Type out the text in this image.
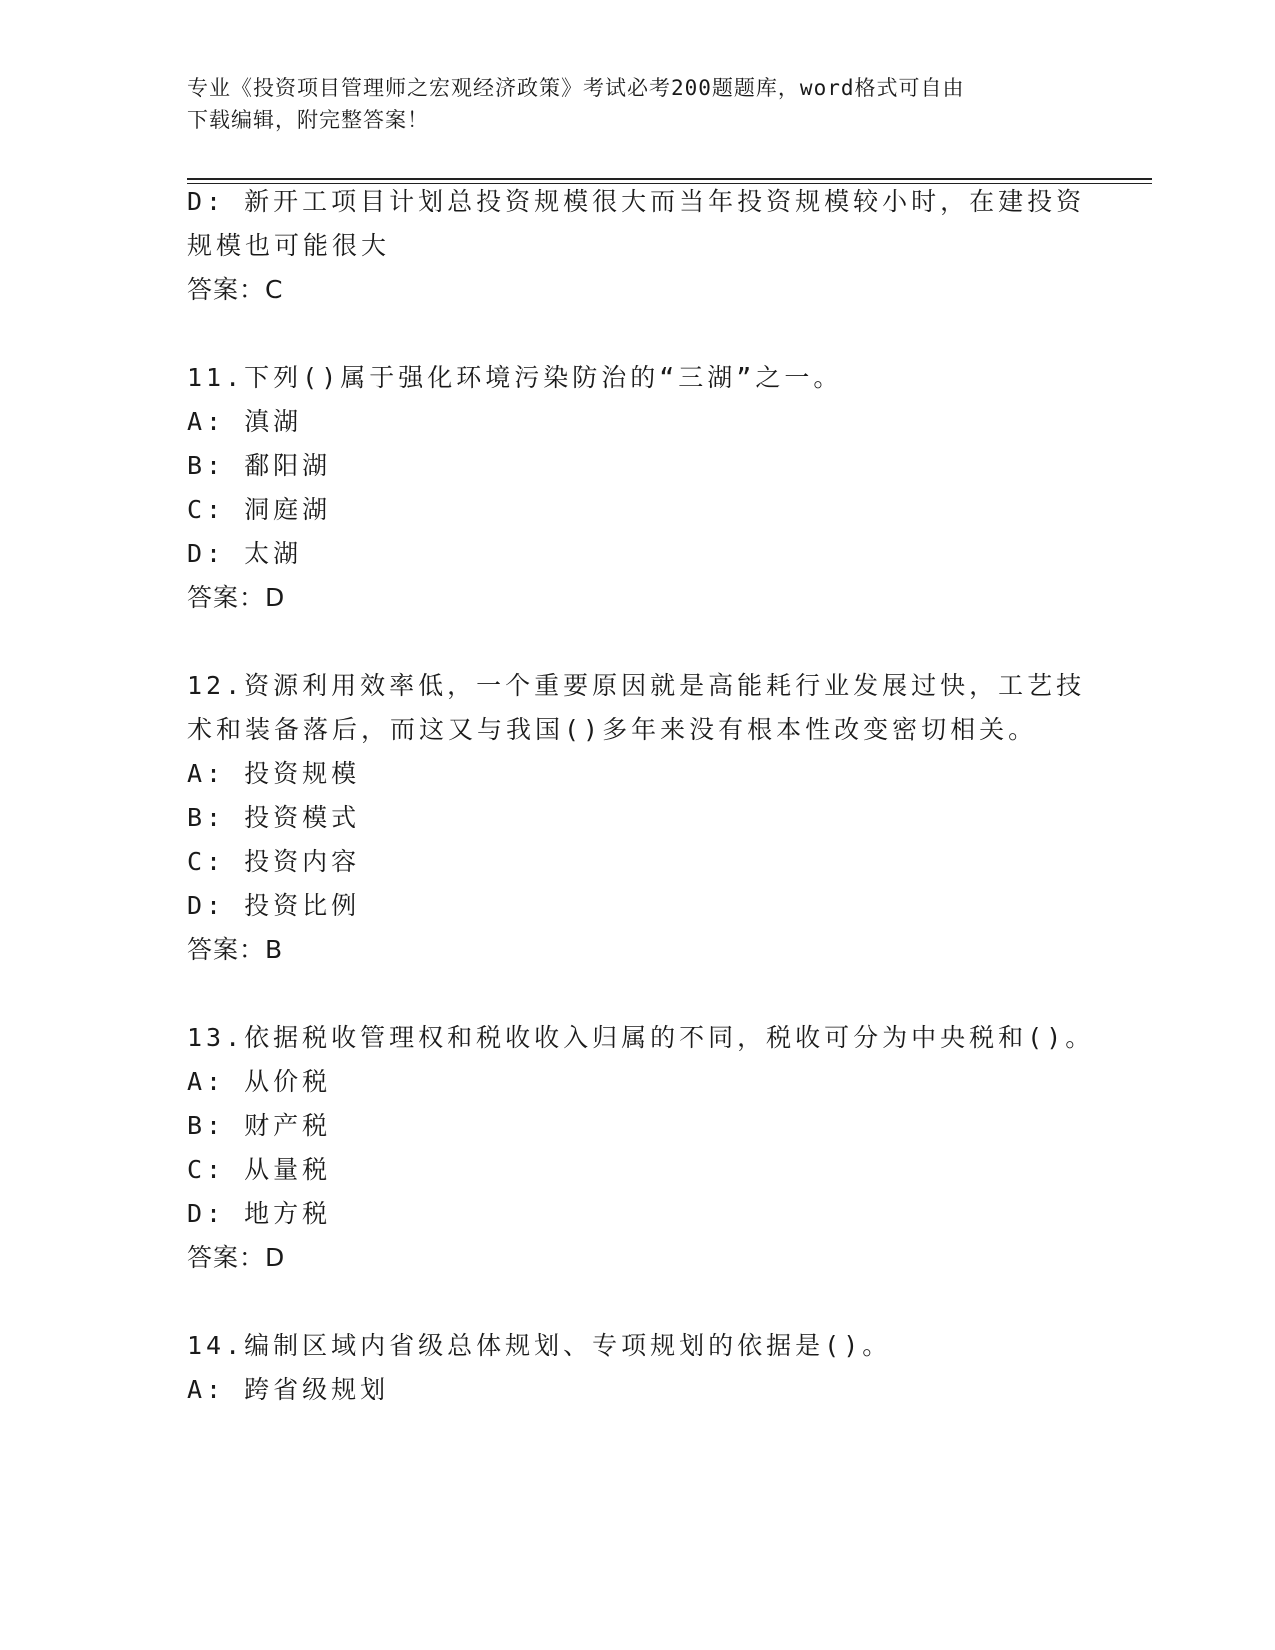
专业《投资项目管理师之宏观经济政策》考试必考200题题库，word格式可自由
下载编辑，附完整答案！
D: 新开工项目计划总投资规模很大而当年投资规模较小时，在建投资
规模也可能很大
答案：C
11.下列()属于强化环境污染防治的“三湖”之一。
A: 滇湖
B: 鄱阳湖
C: 洞庭湖
D: 太湖
答案：D
12.资源利用效率低，一个重要原因就是高能耗行业发展过快，工艺技
术和装备落后，而这又与我国()多年来没有根本性改变密切相关。
A: 投资规模
B: 投资模式
C: 投资内容
D: 投资比例
答案：B
13.依据税收管理权和税收收入归属的不同，税收可分为中央税和()。
A: 从价税
B: 财产税
C: 从量税
D: 地方税
答案：D
14.编制区域内省级总体规划、专项规划的依据是()。
A: 跨省级规划
